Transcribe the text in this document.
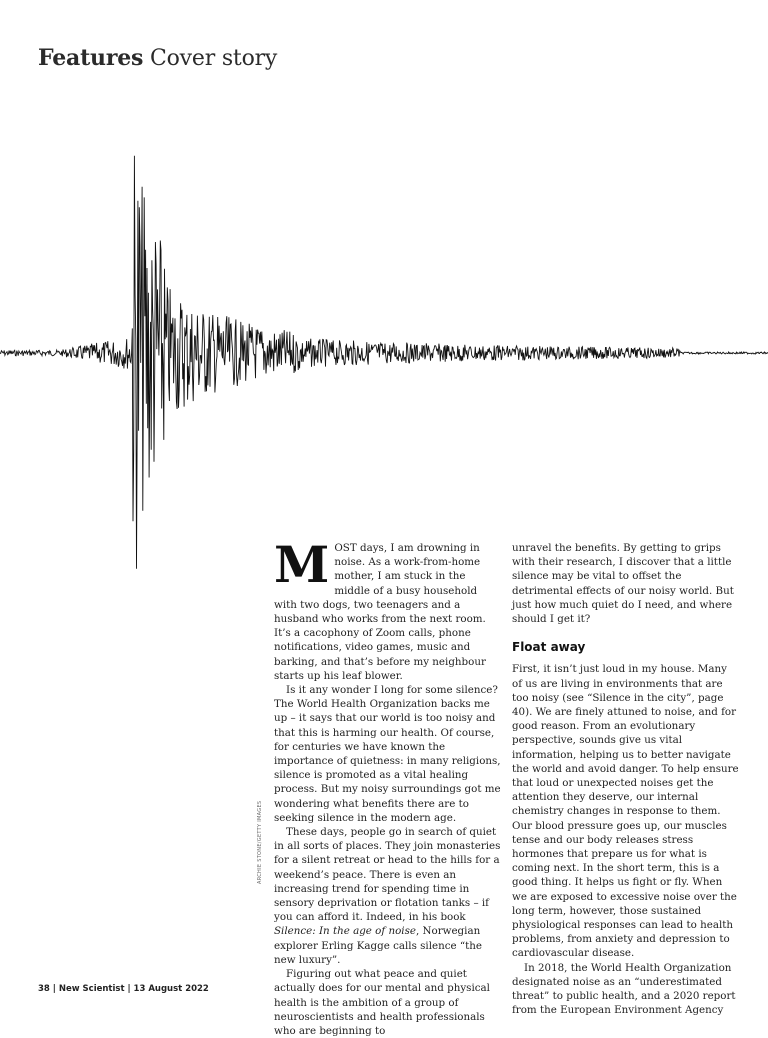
Features Cover story
ARCHIE STONE/GETTY IMAGES

MOST days, I am drowning in noise. As a work-from-home mother, I am stuck in the middle of a busy household with two dogs, two teenagers and a husband who works from the next room. It’s a cacophony of Zoom calls, phone notifications, video games, music and barking, and that’s before my neighbour starts up his leaf blower.

Is it any wonder I long for some silence? The World Health Organization backs me up – it says that our world is too noisy and that this is harming our health. Of course, for centuries we have known the importance of quietness: in many religions, silence is promoted as a vital healing process. But my noisy surroundings got me wondering what benefits there are to seeking silence in the modern age.

These days, people go in search of quiet in all sorts of places. They join monasteries for a silent retreat or head to the hills for a weekend’s peace. There is even an increasing trend for spending time in sensory deprivation or flotation tanks – if you can afford it. Indeed, in his book Silence: In the age of noise, Norwegian explorer Erling Kagge calls silence “the new luxury”.

Figuring out what peace and quiet actually does for our mental and physical health is the ambition of a group of neuroscientists and health professionals who are beginning to

unravel the benefits. By getting to grips with their research, I discover that a little silence may be vital to offset the detrimental effects of our noisy world. But just how much quiet do I need, and where should I get it?

Float away

First, it isn’t just loud in my house. Many of us are living in environments that are too noisy (see “Silence in the city”, page 40). We are finely attuned to noise, and for good reason. From an evolutionary perspective, sounds give us vital information, helping us to better navigate the world and avoid danger. To help ensure that loud or unexpected noises get the attention they deserve, our internal chemistry changes in response to them. Our blood pressure goes up, our muscles tense and our body releases stress hormones that prepare us for what is coming next. In the short term, this is a good thing. It helps us fight or fly. When we are exposed to excessive noise over the long term, however, those sustained physiological responses can lead to health problems, from anxiety and depression to cardiovascular disease.

In 2018, the World Health Organization designated noise as an “underestimated threat” to public health, and a 2020 report from the European Environment Agency

38 | New Scientist | 13 August 2022
